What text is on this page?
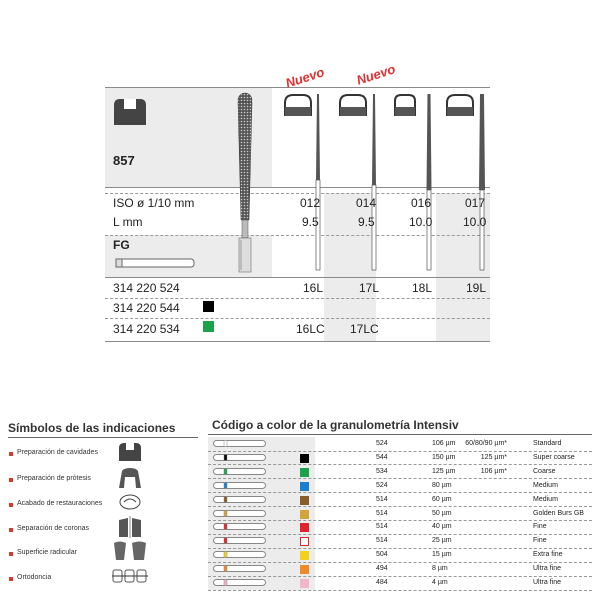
857
Nuevo Nuevo
ISO ø 1/10 mm	012	014	016	017
L mm	9.5	9.5	10.0	10.0
FG
314 220 524	16L	17L	18L	19L
314 220 544
314 220 534	16LC 17LC
Símbolos de las indicaciones
Preparación de cavidades
Preparación de prótesis
Acabado de restauraciones
Separación de coronas
Superficie radicular
Ortodoncia
Código a color de la granulometría Intensiv
524	106 µm 60/80/90 µm*	Standard
544	150 µm	125 µm*	Super coarse
534	125 µm	106 µm*	Coarse
524	80 µm	Medium
514	60 µm	Medium
514	50 µm	Golden Burs GB
514	40 µm	Fine
514	25 µm	Fine
504	15 µm	Extra fine
494	8 µm	Ultra fine
484	4 µm	Ultra fine
